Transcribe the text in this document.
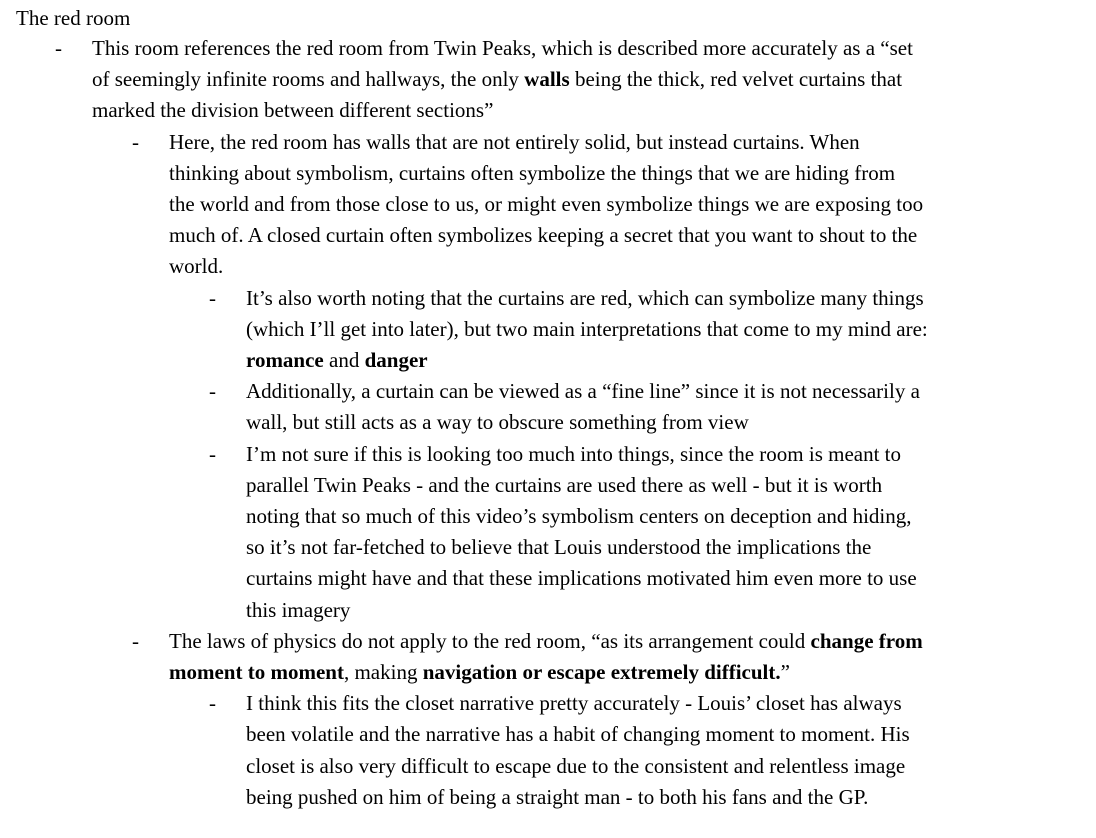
The red room
- This room references the red room from Twin Peaks, which is described more accurately as a “set
of seemingly infinite rooms and hallways, the only walls being the thick, red velvet curtains that
marked the division between different sections”
- Here, the red room has walls that are not entirely solid, but instead curtains. When
thinking about symbolism, curtains often symbolize the things that we are hiding from
the world and from those close to us, or might even symbolize things we are exposing too
much of. A closed curtain often symbolizes keeping a secret that you want to shout to the
world.
- It’s also worth noting that the curtains are red, which can symbolize many things
(which I’ll get into later), but two main interpretations that come to my mind are:
romance and danger
- Additionally, a curtain can be viewed as a “fine line” since it is not necessarily a
wall, but still acts as a way to obscure something from view
- I’m not sure if this is looking too much into things, since the room is meant to
parallel Twin Peaks - and the curtains are used there as well - but it is worth
noting that so much of this video’s symbolism centers on deception and hiding,
so it’s not far-fetched to believe that Louis understood the implications the
curtains might have and that these implications motivated him even more to use
this imagery
- The laws of physics do not apply to the red room, “as its arrangement could change from
moment to moment, making navigation or escape extremely difficult.”
- I think this fits the closet narrative pretty accurately - Louis’ closet has always
been volatile and the narrative has a habit of changing moment to moment. His
closet is also very difficult to escape due to the consistent and relentless image
being pushed on him of being a straight man - to both his fans and the GP.
